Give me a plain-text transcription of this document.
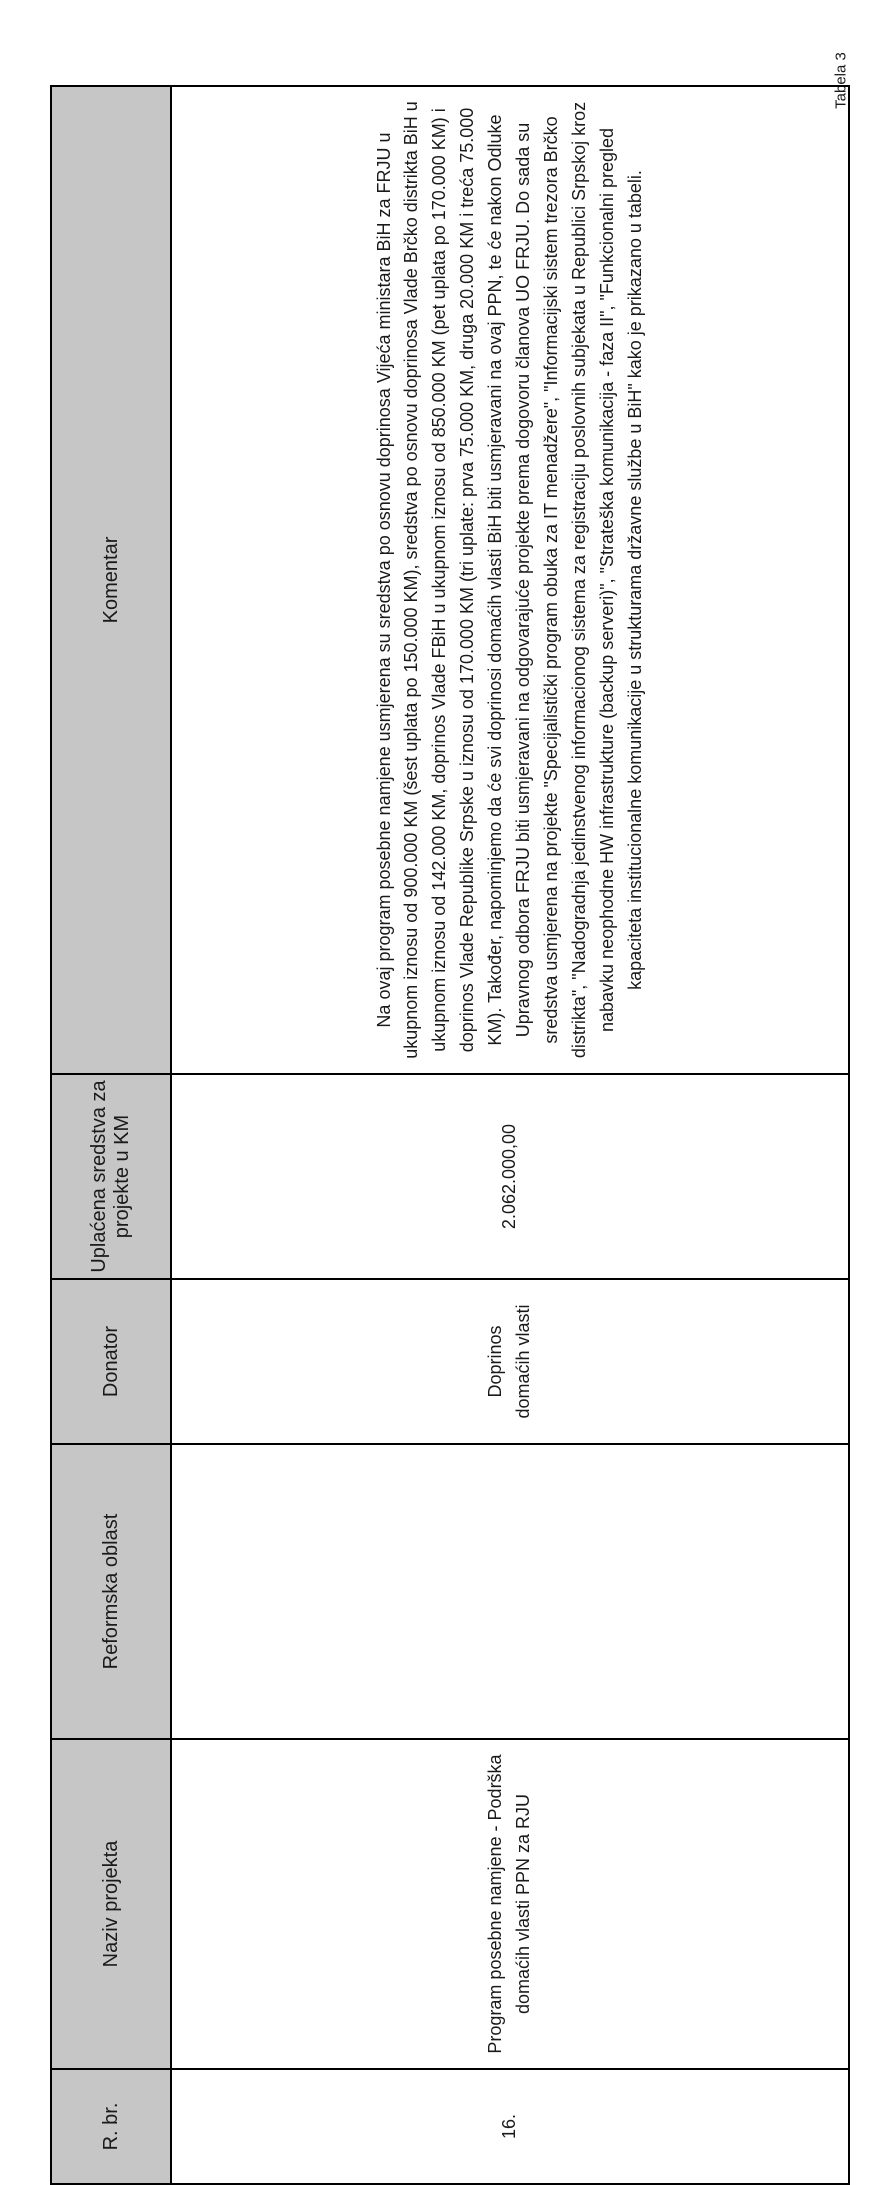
Tabela 3
R. br.	Naziv projekta	Reformska oblast	Donator	Uplaćena sredstva za projekte u KM	Komentar
16.	Program posebne namjene - Podrška domaćih vlasti PPN za RJU		Doprinos domaćih vlasti	2.062.000,00	Na ovaj program posebne namjene usmjerena su sredstva po osnovu doprinosa Vijeća ministara BiH za FRJU u ukupnom iznosu od 900.000 KM (šest uplata po 150.000 KM), sredstva po osnovu doprinosa Vlade Brčko distrikta BiH u ukupnom iznosu od 142.000 KM, doprinos Vlade FBiH u ukupnom iznosu od 850.000 KM (pet uplata po 170.000 KM) i doprinos Vlade Republike Srpske u iznosu od 170.000 KM (tri uplate: prva 75.000 KM, druga 20.000 KM i treća 75.000 KM). Također, napominjemo da će svi doprinosi domaćih vlasti BiH biti usmjeravani na ovaj PPN, te će nakon Odluke Upravnog odbora FRJU biti usmjeravani na odgovarajuće projekte prema dogovoru članova UO FRJU. Do sada su sredstva usmjerena na projekte "Specijalistički program obuka za IT menadžere", "Informacijski sistem trezora Brčko distrikta", "Nadogradnja jedinstvenog informacionog sistema za registraciju poslovnih subjekata u Republici Srpskoj kroz nabavku neophodne HW infrastrukture (backup serveri)", "Strateška komunikacija - faza II", "Funkcionalni pregled kapaciteta institucionalne komunikacije u strukturama državne službe u BiH" kako je prikazano u tabeli.
